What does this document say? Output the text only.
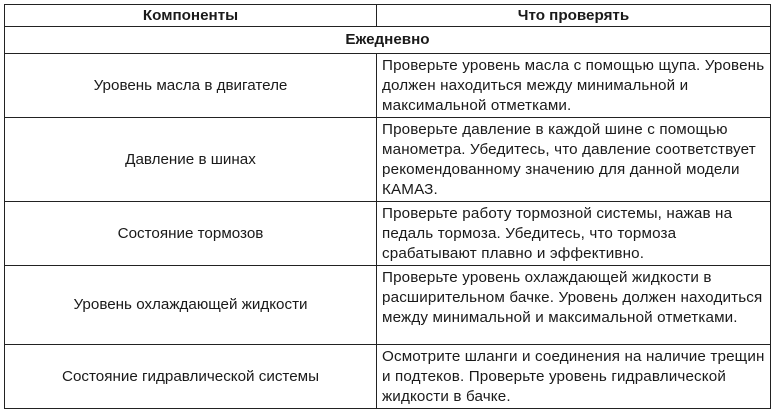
Компоненты	Что проверять
Ежедневно	
Уровень масла в двигателе	Проверьте уровень масла с помощью щупа. Уровень должен находиться между минимальной и максимальной отметками.
Давление в шинах	Проверьте давление в каждой шине с помощью манометра. Убедитесь, что давление соответствует рекомендованному значению для данной модели КАМАЗ.
Состояние тормозов	Проверьте работу тормозной системы, нажав на педаль тормоза. Убедитесь, что тормоза срабатывают плавно и эффективно.
Уровень охлаждающей жидкости	Проверьте уровень охлаждающей жидкости в расширительном бачке. Уровень должен находиться между минимальной и максимальной отметками.
Состояние гидравлической системы	Осмотрите шланги и соединения на наличие трещин и подтеков. Проверьте уровень гидравлической жидкости в бачке.
